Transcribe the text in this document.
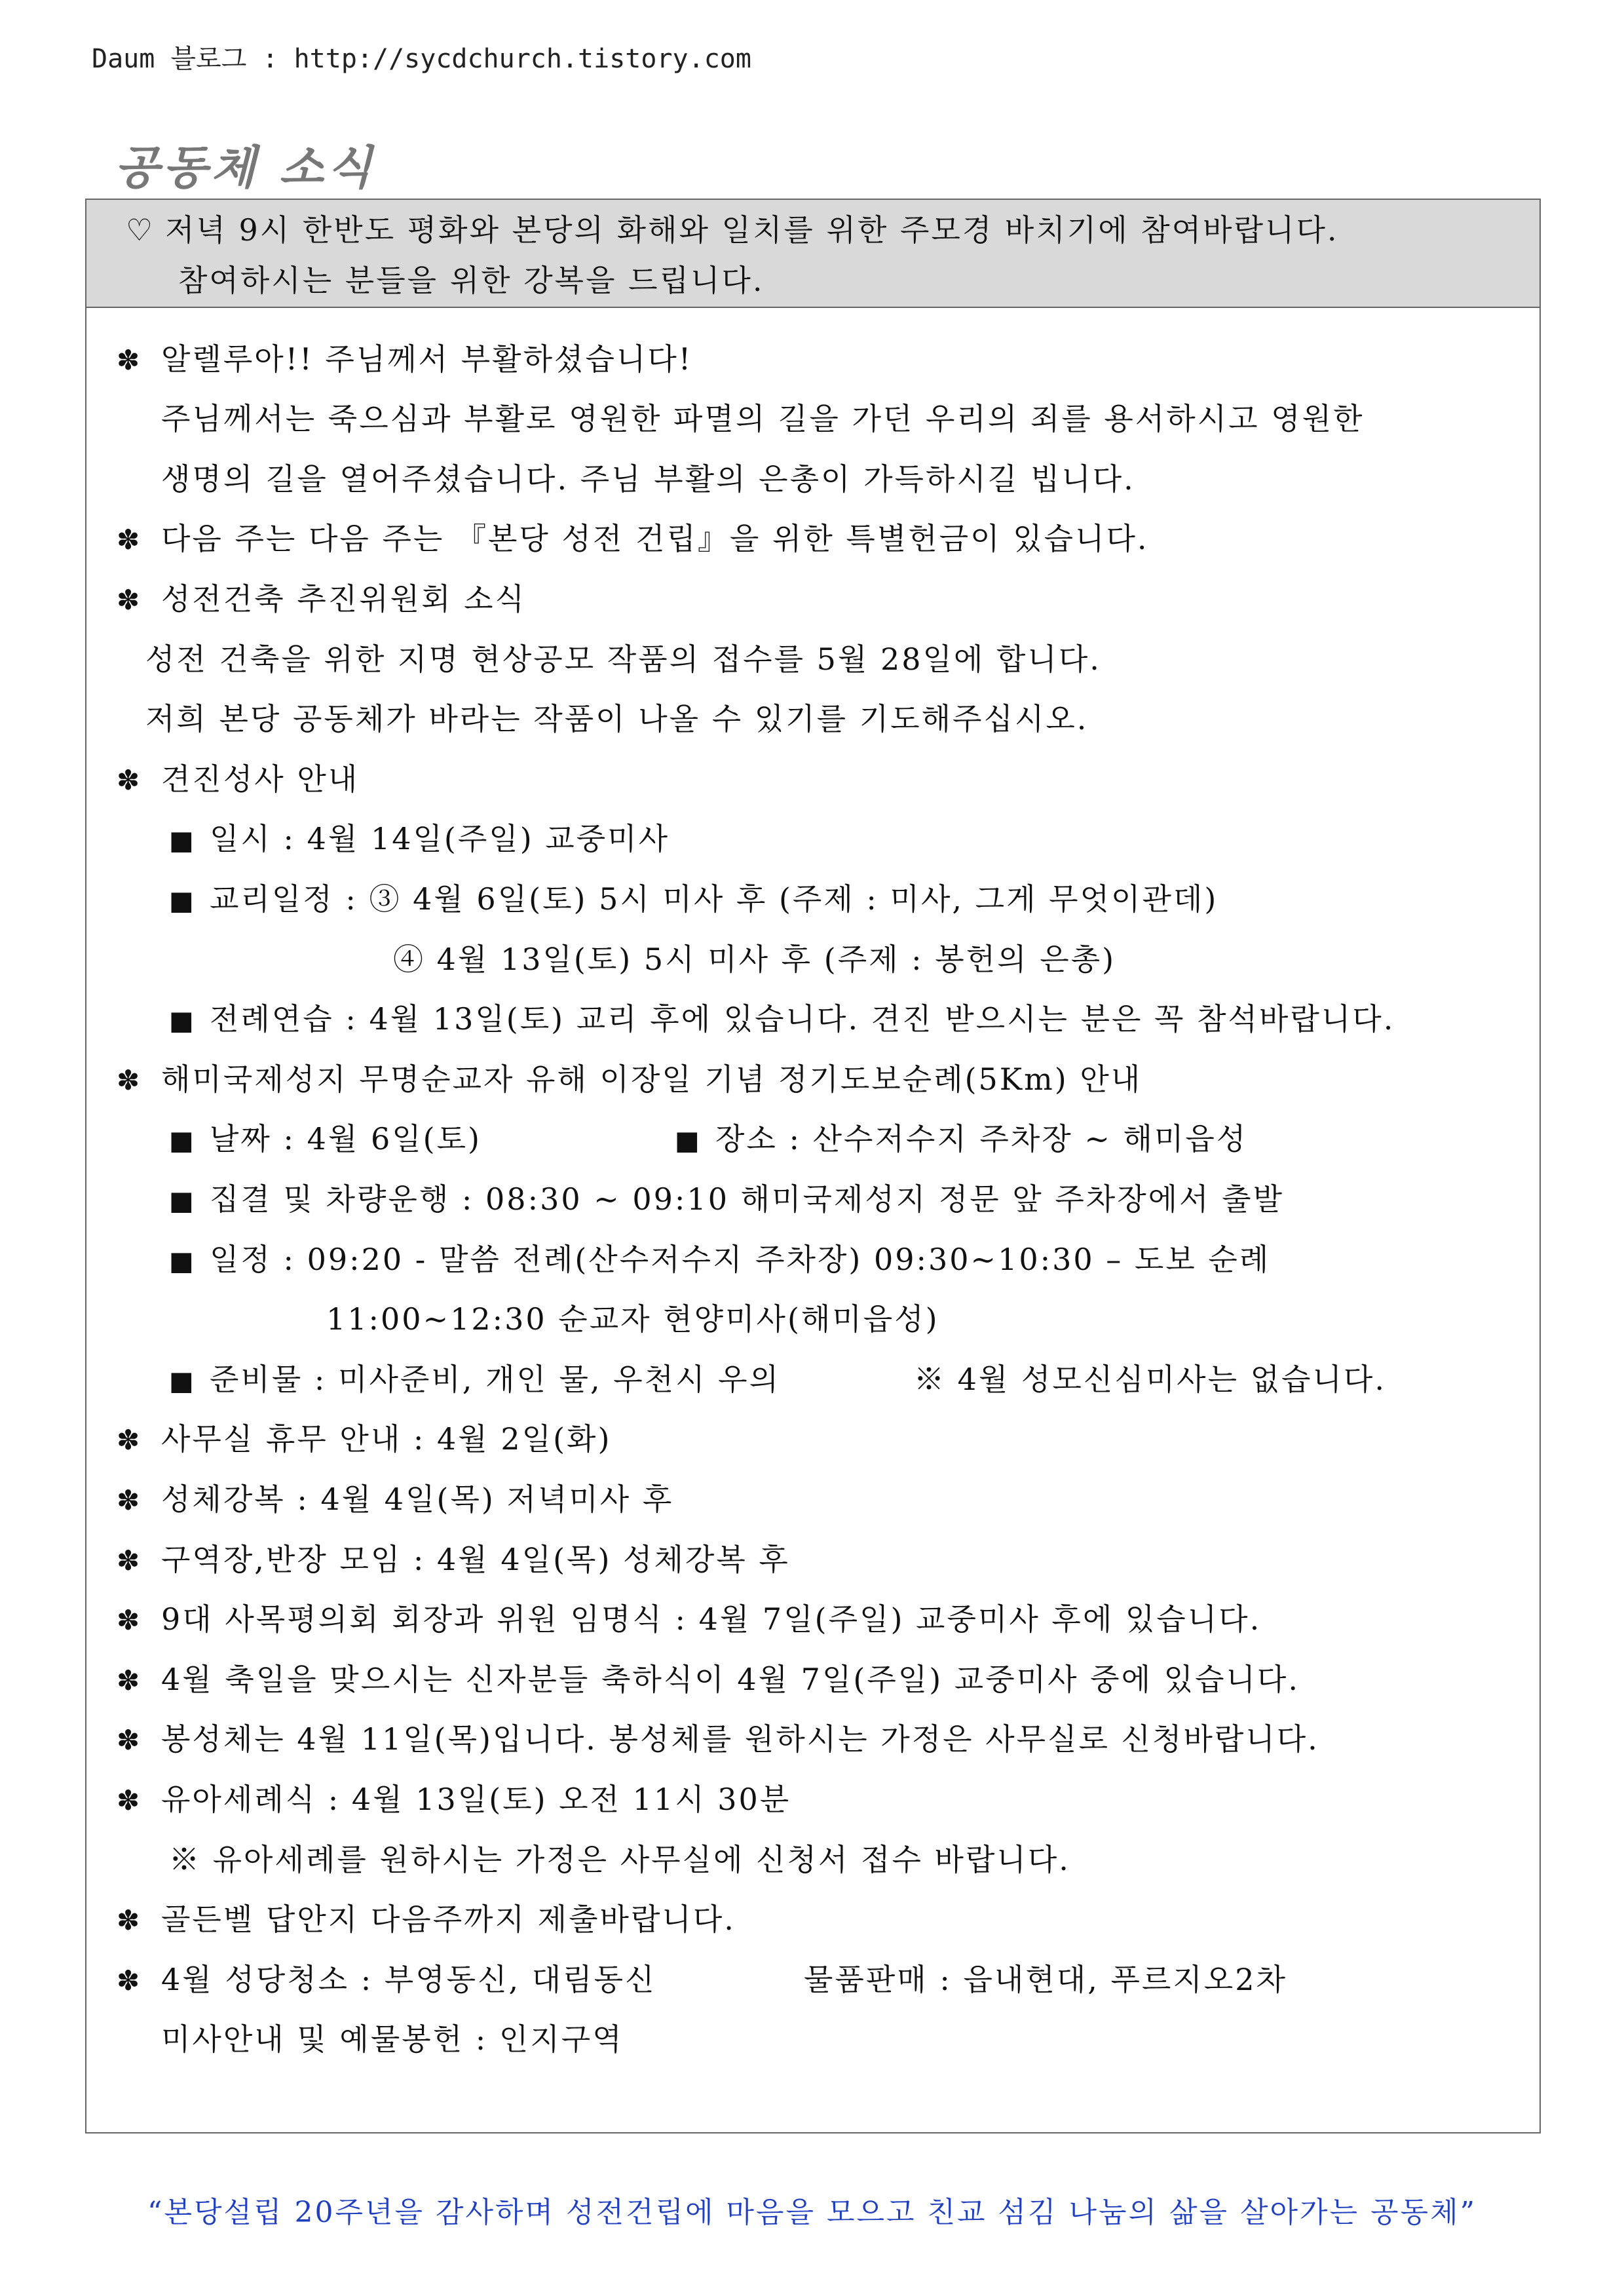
Daum 블로그 : http://sycdchurch.tistory.com
공동체 소식
♡ 저녁 9시 한반도 평화와 본당의 화해와 일치를 위한 주모경 바치기에 참여바랍니다.
참여하시는 분들을 위한 강복을 드립니다.
✽ 알렐루아!! 주님께서 부활하셨습니다!
주님께서는 죽으심과 부활로 영원한 파멸의 길을 가던 우리의 죄를 용서하시고 영원한
생명의 길을 열어주셨습니다. 주님 부활의 은총이 가득하시길 빕니다.
✽ 다음 주는 다음 주는 『본당 성전 건립』을 위한 특별헌금이 있습니다.
✽ 성전건축 추진위원회 소식
성전 건축을 위한 지명 현상공모 작품의 접수를 5월 28일에 합니다.
저희 본당 공동체가 바라는 작품이 나올 수 있기를 기도해주십시오.
✽ 견진성사 안내
■ 일시 : 4월 14일(주일) 교중미사
■ 교리일정 : ③ 4월 6일(토) 5시 미사 후 (주제 : 미사, 그게 무엇이관데)
④ 4월 13일(토) 5시 미사 후 (주제 : 봉헌의 은총)
■ 전례연습 : 4월 13일(토) 교리 후에 있습니다. 견진 받으시는 분은 꼭 참석바랍니다.
✽ 해미국제성지 무명순교자 유해 이장일 기념 정기도보순례(5Km) 안내
■ 날짜 : 4월 6일(토)	■ 장소 : 산수저수지 주차장 ~ 해미읍성
■ 집결 및 차량운행 : 08:30 ~ 09:10 해미국제성지 정문 앞 주차장에서 출발
■ 일정 : 09:20 - 말씀 전례(산수저수지 주차장) 09:30~10:30 – 도보 순례
11:00~12:30 순교자 현양미사(해미읍성)
■ 준비물 : 미사준비, 개인 물, 우천시 우의	※ 4월 성모신심미사는 없습니다.
✽ 사무실 휴무 안내 : 4월 2일(화)
✽ 성체강복 : 4월 4일(목) 저녁미사 후
✽ 구역장,반장 모임 : 4월 4일(목) 성체강복 후
✽ 9대 사목평의회 회장과 위원 임명식 : 4월 7일(주일) 교중미사 후에 있습니다.
✽ 4월 축일을 맞으시는 신자분들 축하식이 4월 7일(주일) 교중미사 중에 있습니다.
✽ 봉성체는 4월 11일(목)입니다. 봉성체를 원하시는 가정은 사무실로 신청바랍니다.
✽ 유아세례식 : 4월 13일(토) 오전 11시 30분
※ 유아세례를 원하시는 가정은 사무실에 신청서 접수 바랍니다.
✽ 골든벨 답안지 다음주까지 제출바랍니다.
✽ 4월 성당청소 : 부영동신, 대림동신	물품판매 : 읍내현대, 푸르지오2차
미사안내 및 예물봉헌 : 인지구역
“본당설립 20주년을 감사하며 성전건립에 마음을 모으고 친교 섬김 나눔의 삶을 살아가는 공동체”
